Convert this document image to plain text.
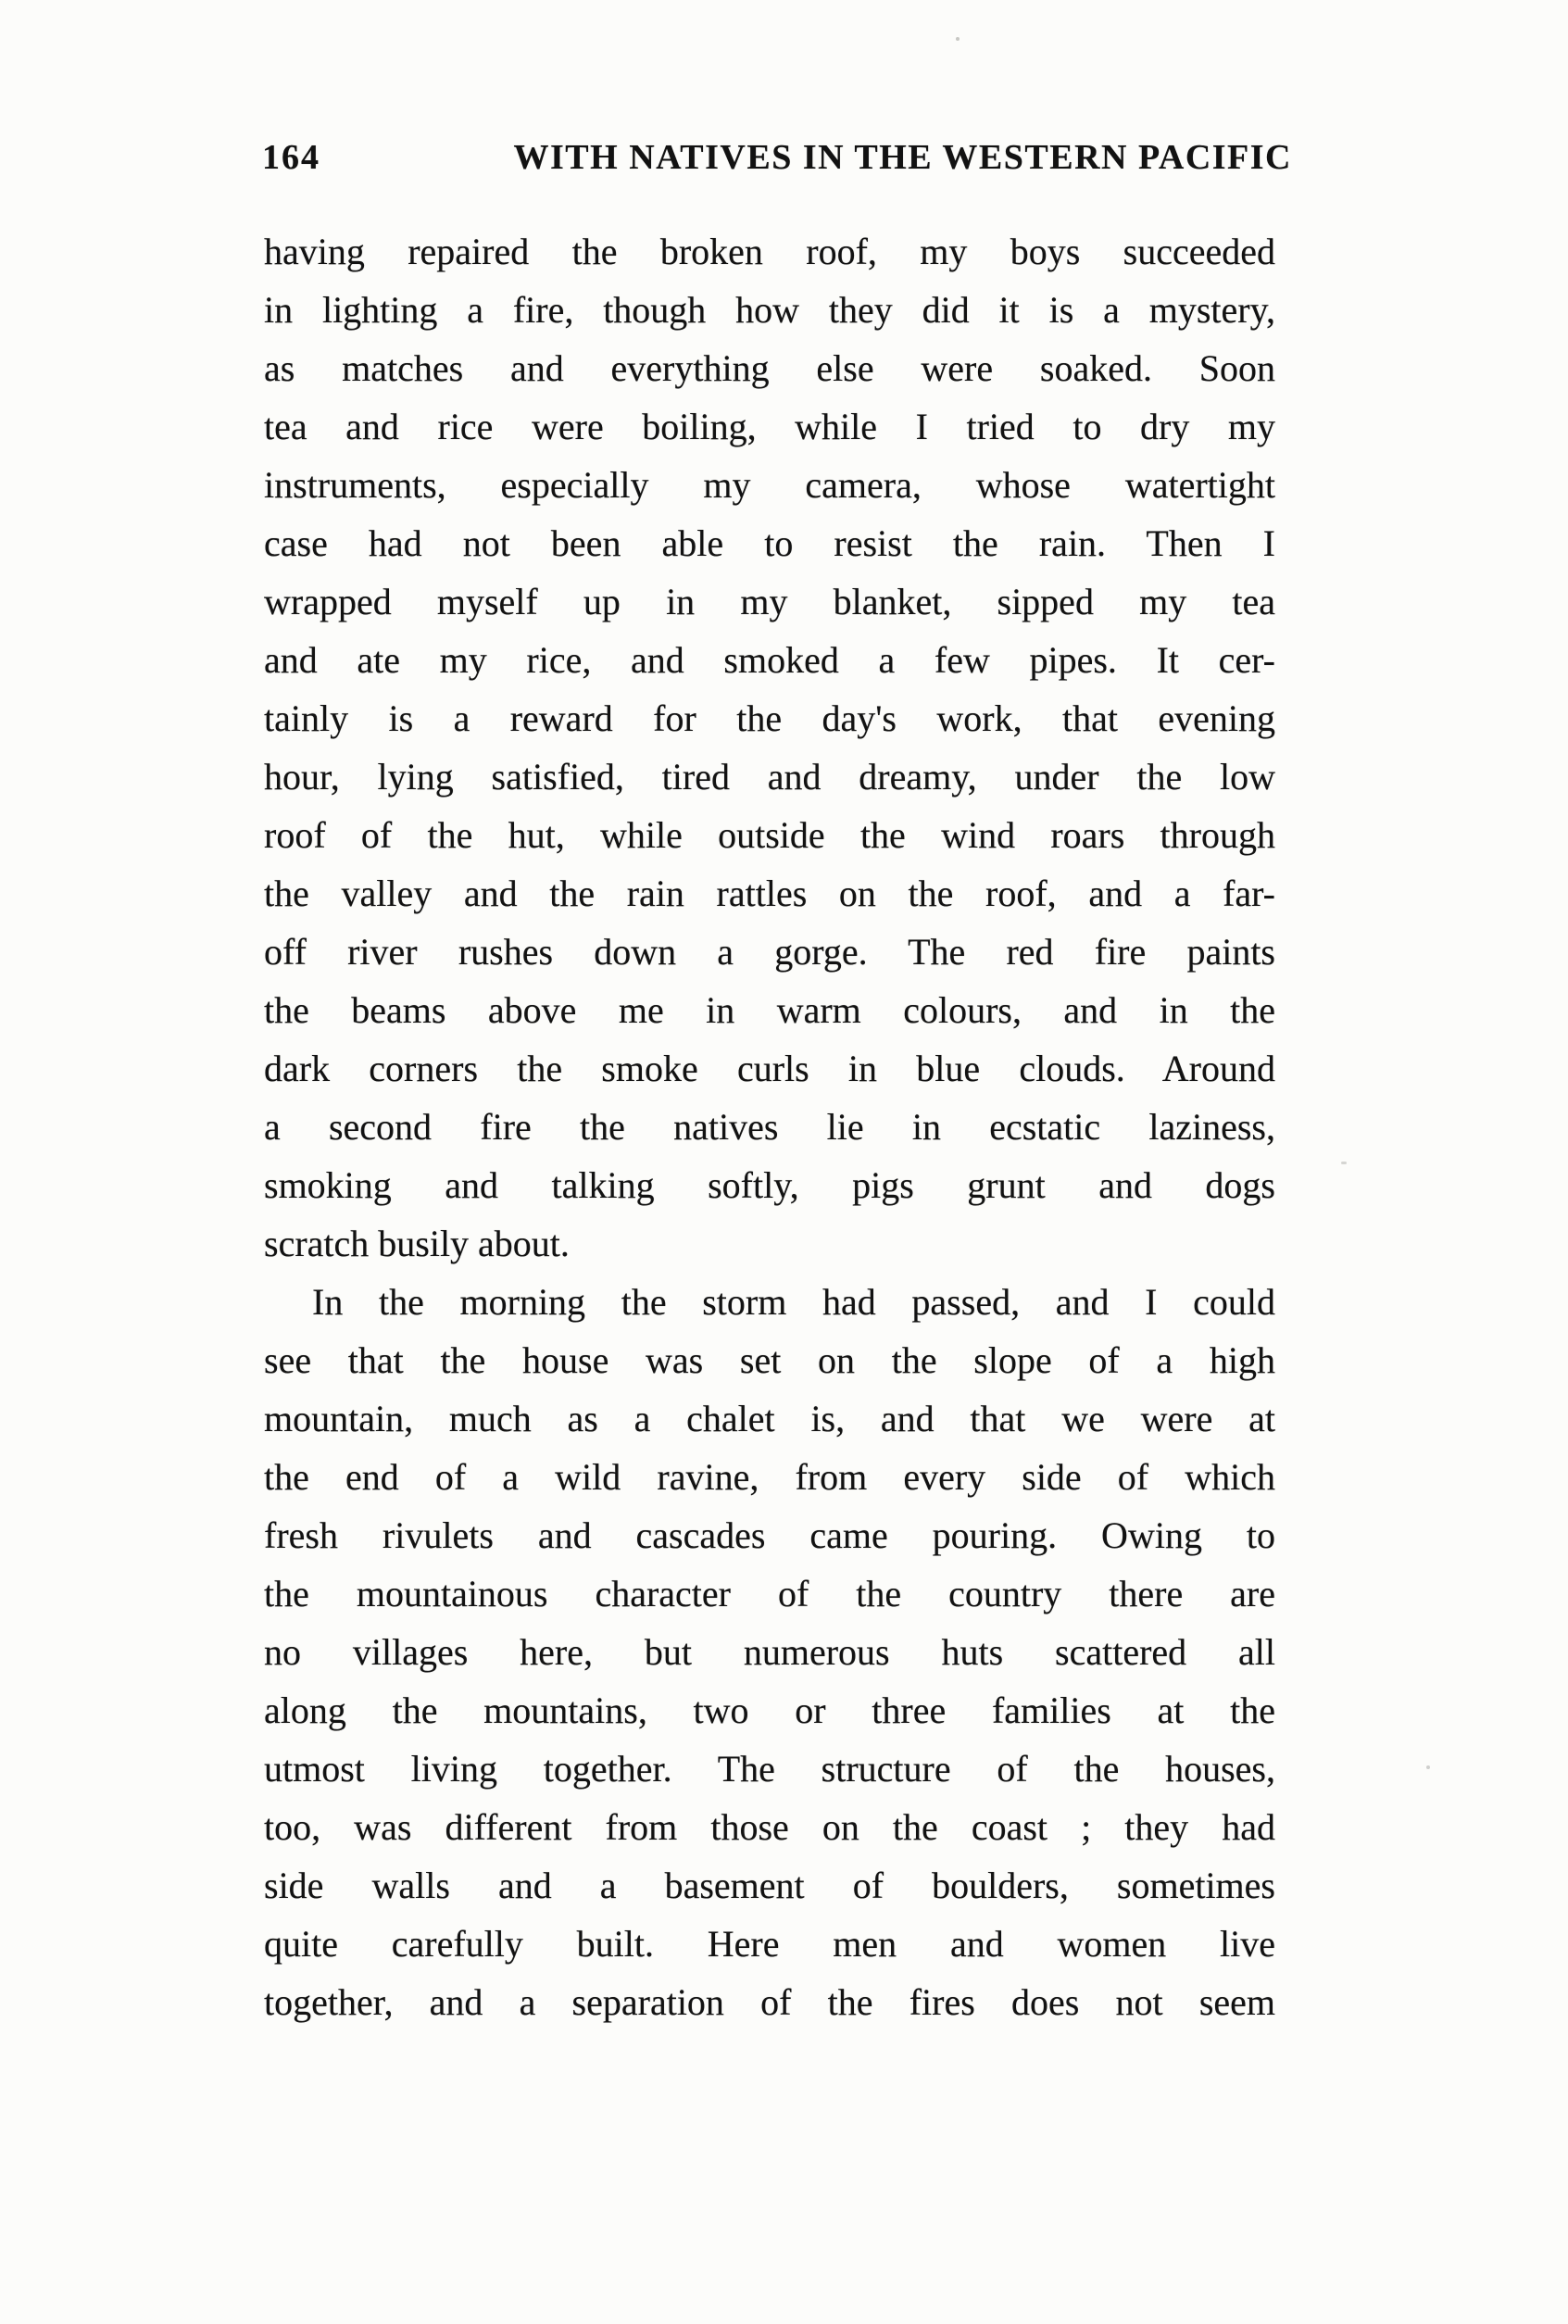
164	WITH NATIVES IN THE WESTERN PACIFIC
having repaired the broken roof, my boys succeeded
in lighting a fire, though how they did it is a mystery,
as matches and everything else were soaked. Soon
tea and rice were boiling, while I tried to dry my
instruments, especially my camera, whose watertight
case had not been able to resist the rain. Then I
wrapped myself up in my blanket, sipped my tea
and ate my rice, and smoked a few pipes. It cer-
tainly is a reward for the day's work, that evening
hour, lying satisfied, tired and dreamy, under the low
roof of the hut, while outside the wind roars through
the valley and the rain rattles on the roof, and a far-
off river rushes down a gorge. The red fire paints
the beams above me in warm colours, and in the
dark corners the smoke curls in blue clouds. Around
a second fire the natives lie in ecstatic laziness,
smoking and talking softly, pigs grunt and dogs
scratch busily about.
In the morning the storm had passed, and I could
see that the house was set on the slope of a high
mountain, much as a chalet is, and that we were at
the end of a wild ravine, from every side of which
fresh rivulets and cascades came pouring. Owing to
the mountainous character of the country there are
no villages here, but numerous huts scattered all
along the mountains, two or three families at the
utmost living together. The structure of the houses,
too, was different from those on the coast ; they had
side walls and a basement of boulders, sometimes
quite carefully built. Here men and women live
together, and a separation of the fires does not seem
